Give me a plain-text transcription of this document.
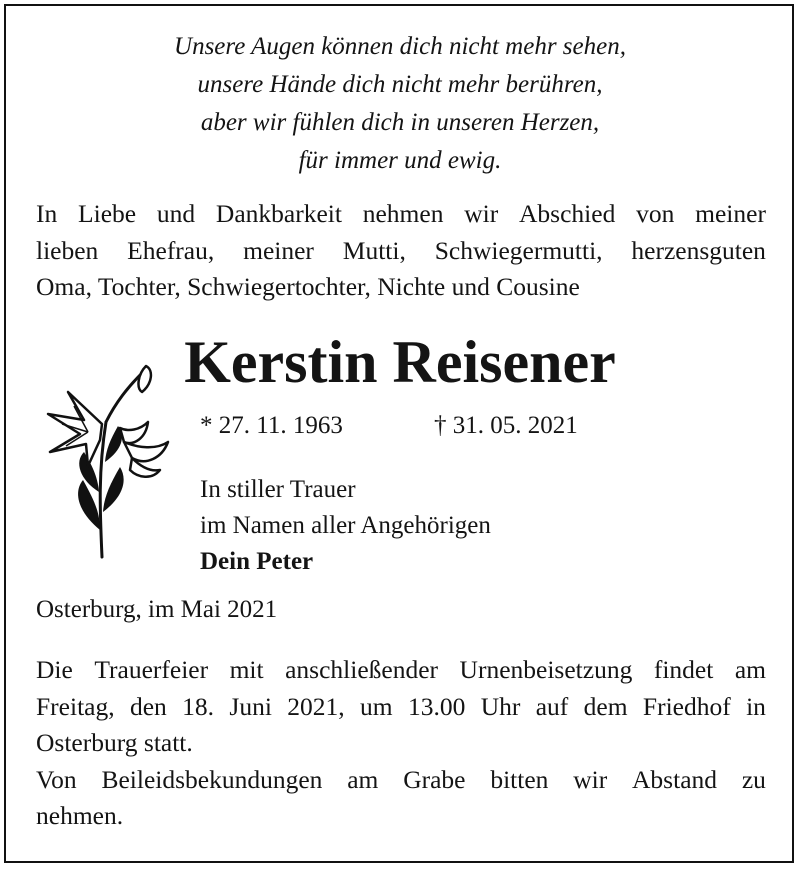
Unsere Augen können dich nicht mehr sehen,
unsere Hände dich nicht mehr berühren,
aber wir fühlen dich in unseren Herzen,
für immer und ewig.
In Liebe und Dankbarkeit nehmen wir Abschied von meiner
lieben Ehefrau, meiner Mutti, Schwiegermutti, herzensguten
Oma, Tochter, Schwiegertochter, Nichte und Cousine
Kerstin Reisener
* 27. 11. 1963	† 31. 05. 2021
In stiller Trauer
im Namen aller Angehörigen
Dein Peter
Osterburg, im Mai 2021
Die Trauerfeier mit anschließender Urnenbeisetzung findet am
Freitag, den 18. Juni 2021, um 13.00 Uhr auf dem Friedhof in
Osterburg statt.
Von Beileidsbekundungen am Grabe bitten wir Abstand zu
nehmen.
